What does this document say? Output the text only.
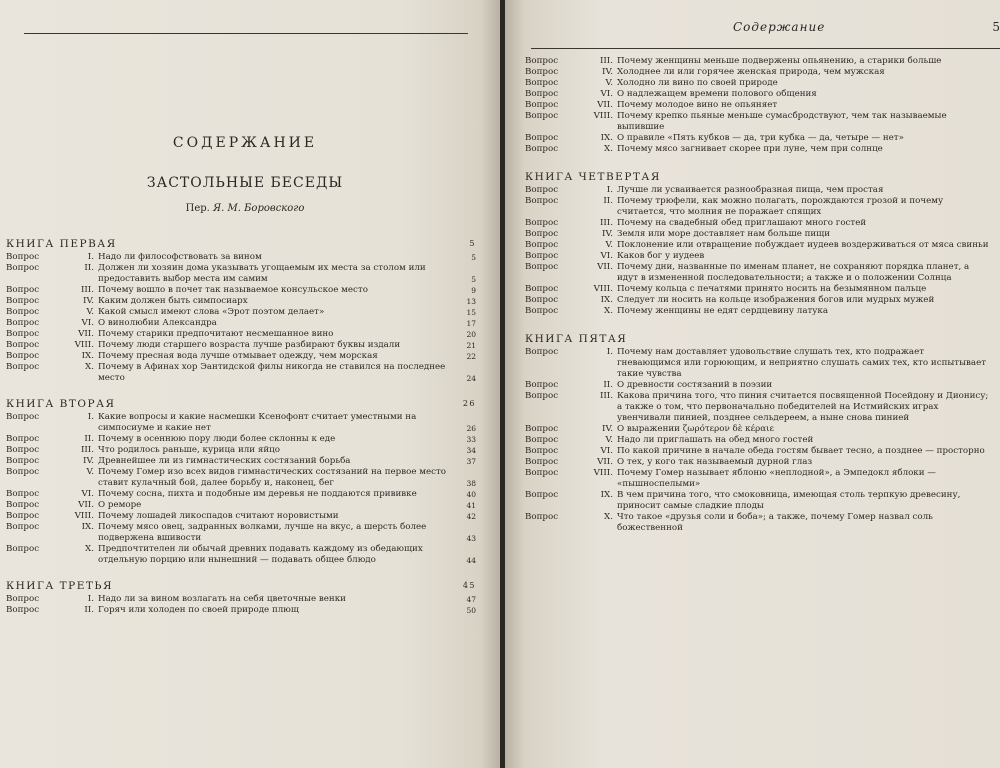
СОДЕРЖАНИЕ
ЗАСТОЛЬНЫЕ БЕСЕДЫ
Пер. Я. М. Боровского
КНИГА ПЕРВАЯ	5
Вопрос	I. Надо ли философствовать за вином	5
Вопрос	II. Должен ли хозяин дома указывать угощаемым их места за столом или предоставить выбор места им самим	5
Вопрос	III. Почему вошло в почет так называемое консульское место	9
Вопрос	IV. Каким должен быть симпосиарх	13
Вопрос	V. Какой смысл имеют слова «Эрот поэтом делает»	15
Вопрос	VI. О винолюбии Александра	17
Вопрос	VII. Почему старики предпочитают несмешанное вино	20
Вопрос	VIII. Почему люди старшего возраста лучше разбирают буквы издали	21
Вопрос	IX. Почему пресная вода лучше отмывает одежду, чем морская	22
Вопрос	X. Почему в Афинах хор Эантидской филы никогда не ставился на последнее место	24
КНИГА ВТОРАЯ	26
Вопрос	I. Какие вопросы и какие насмешки Ксенофонт считает уместными на симпосиуме и какие нет	26
Вопрос	II. Почему в осеннюю пору люди более склонны к еде	33
Вопрос	III. Что родилось раньше, курица или яйцо	34
Вопрос	IV. Древнейшее ли из гимнастических состязаний борьба	37
Вопрос	V. Почему Гомер изо всех видов гимнастических состязаний на первое место ставит кулачный бой, далее борьбу и, наконец, бег	38
Вопрос	VI. Почему сосна, пихта и подобные им деревья не поддаются прививке	40
Вопрос	VII. О реморе	41
Вопрос	VIII. Почему лошадей ликоспадов считают норовистыми	42
Вопрос	IX. Почему мясо овец, задранных волками, лучше на вкус, а шерсть более подвержена вшивости	43
Вопрос	X. Предпочтителен ли обычай древних подавать каждому из обедающих отдельную порцию или нынешний — подавать общее блюдо	44
КНИГА ТРЕТЬЯ	45
Вопрос	I. Надо ли за вином возлагать на себя цветочные венки	47
Вопрос	II. Горяч или холоден по своей природе плющ	50
Содержание	5
Вопрос	III. Почему женщины меньше подвержены опьянению, а старики больше
Вопрос	IV. Холоднее ли или горячее женская природа, чем мужская
Вопрос	V. Холодно ли вино по своей природе
Вопрос	VI. О надлежащем времени полового общения
Вопрос	VII. Почему молодое вино не опьяняет
Вопрос	VIII. Почему крепко пьяные меньше сумасбродствуют, чем так называемые выпившие
Вопрос	IX. О правиле «Пять кубков — да, три кубка — да, четыре — нет»
Вопрос	X. Почему мясо загнивает скорее при луне, чем при солнце
КНИГА ЧЕТВЕРТАЯ
Вопрос	I. Лучше ли усваивается разнообразная пища, чем простая
Вопрос	II. Почему трюфели, как можно полагать, порождаются грозой и почему считается, что молния не поражает спящих
Вопрос	III. Почему на свадебный обед приглашают много гостей
Вопрос	IV. Земля или море доставляет нам больше пищи
Вопрос	V. Поклонение или отвращение побуждает иудеев воздерживаться от мяса свиньи
Вопрос	VI. Каков бог у иудеев
Вопрос	VII. Почему дни, названные по именам планет, не сохраняют порядка планет, а идут в измененной последовательности; а также и о положении Солнца
Вопрос	VIII. Почему кольца с печатями принято носить на безымянном пальце
Вопрос	IX. Следует ли носить на кольце изображения богов или мудрых мужей
Вопрос	X. Почему женщины не едят сердцевину латука
КНИГА ПЯТАЯ
Вопрос	I. Почему нам доставляет удовольствие слушать тех, кто подражает гневающимся или горюющим, и неприятно слушать самих тех, кто испытывает такие чувства
Вопрос	II. О древности состязаний в поэзии
Вопрос	III. Какова причина того, что пиния считается посвященной Посейдону и Дионису; а также о том, что первоначально победителей на Истмийских играх увенчивали пинией, позднее сельдереем, а ныне снова пинией
Вопрос	IV. О выражении ζωρότερον δὲ κέραιε
Вопрос	V. Надо ли приглашать на обед много гостей
Вопрос	VI. По какой причине в начале обеда гостям бывает тесно, а позднее — просторно
Вопрос	VII. О тех, у кого так называемый дурной глаз
Вопрос	VIII. Почему Гомер называет яблоню «неплодной», а Эмпедокл яблоки — «пышноспелыми»
Вопрос	IX. В чем причина того, что смоковница, имеющая столь терпкую древесину, приносит самые сладкие плоды
Вопрос	X. Что такое «друзья соли и боба»; а также, почему Гомер назвал соль божественной
